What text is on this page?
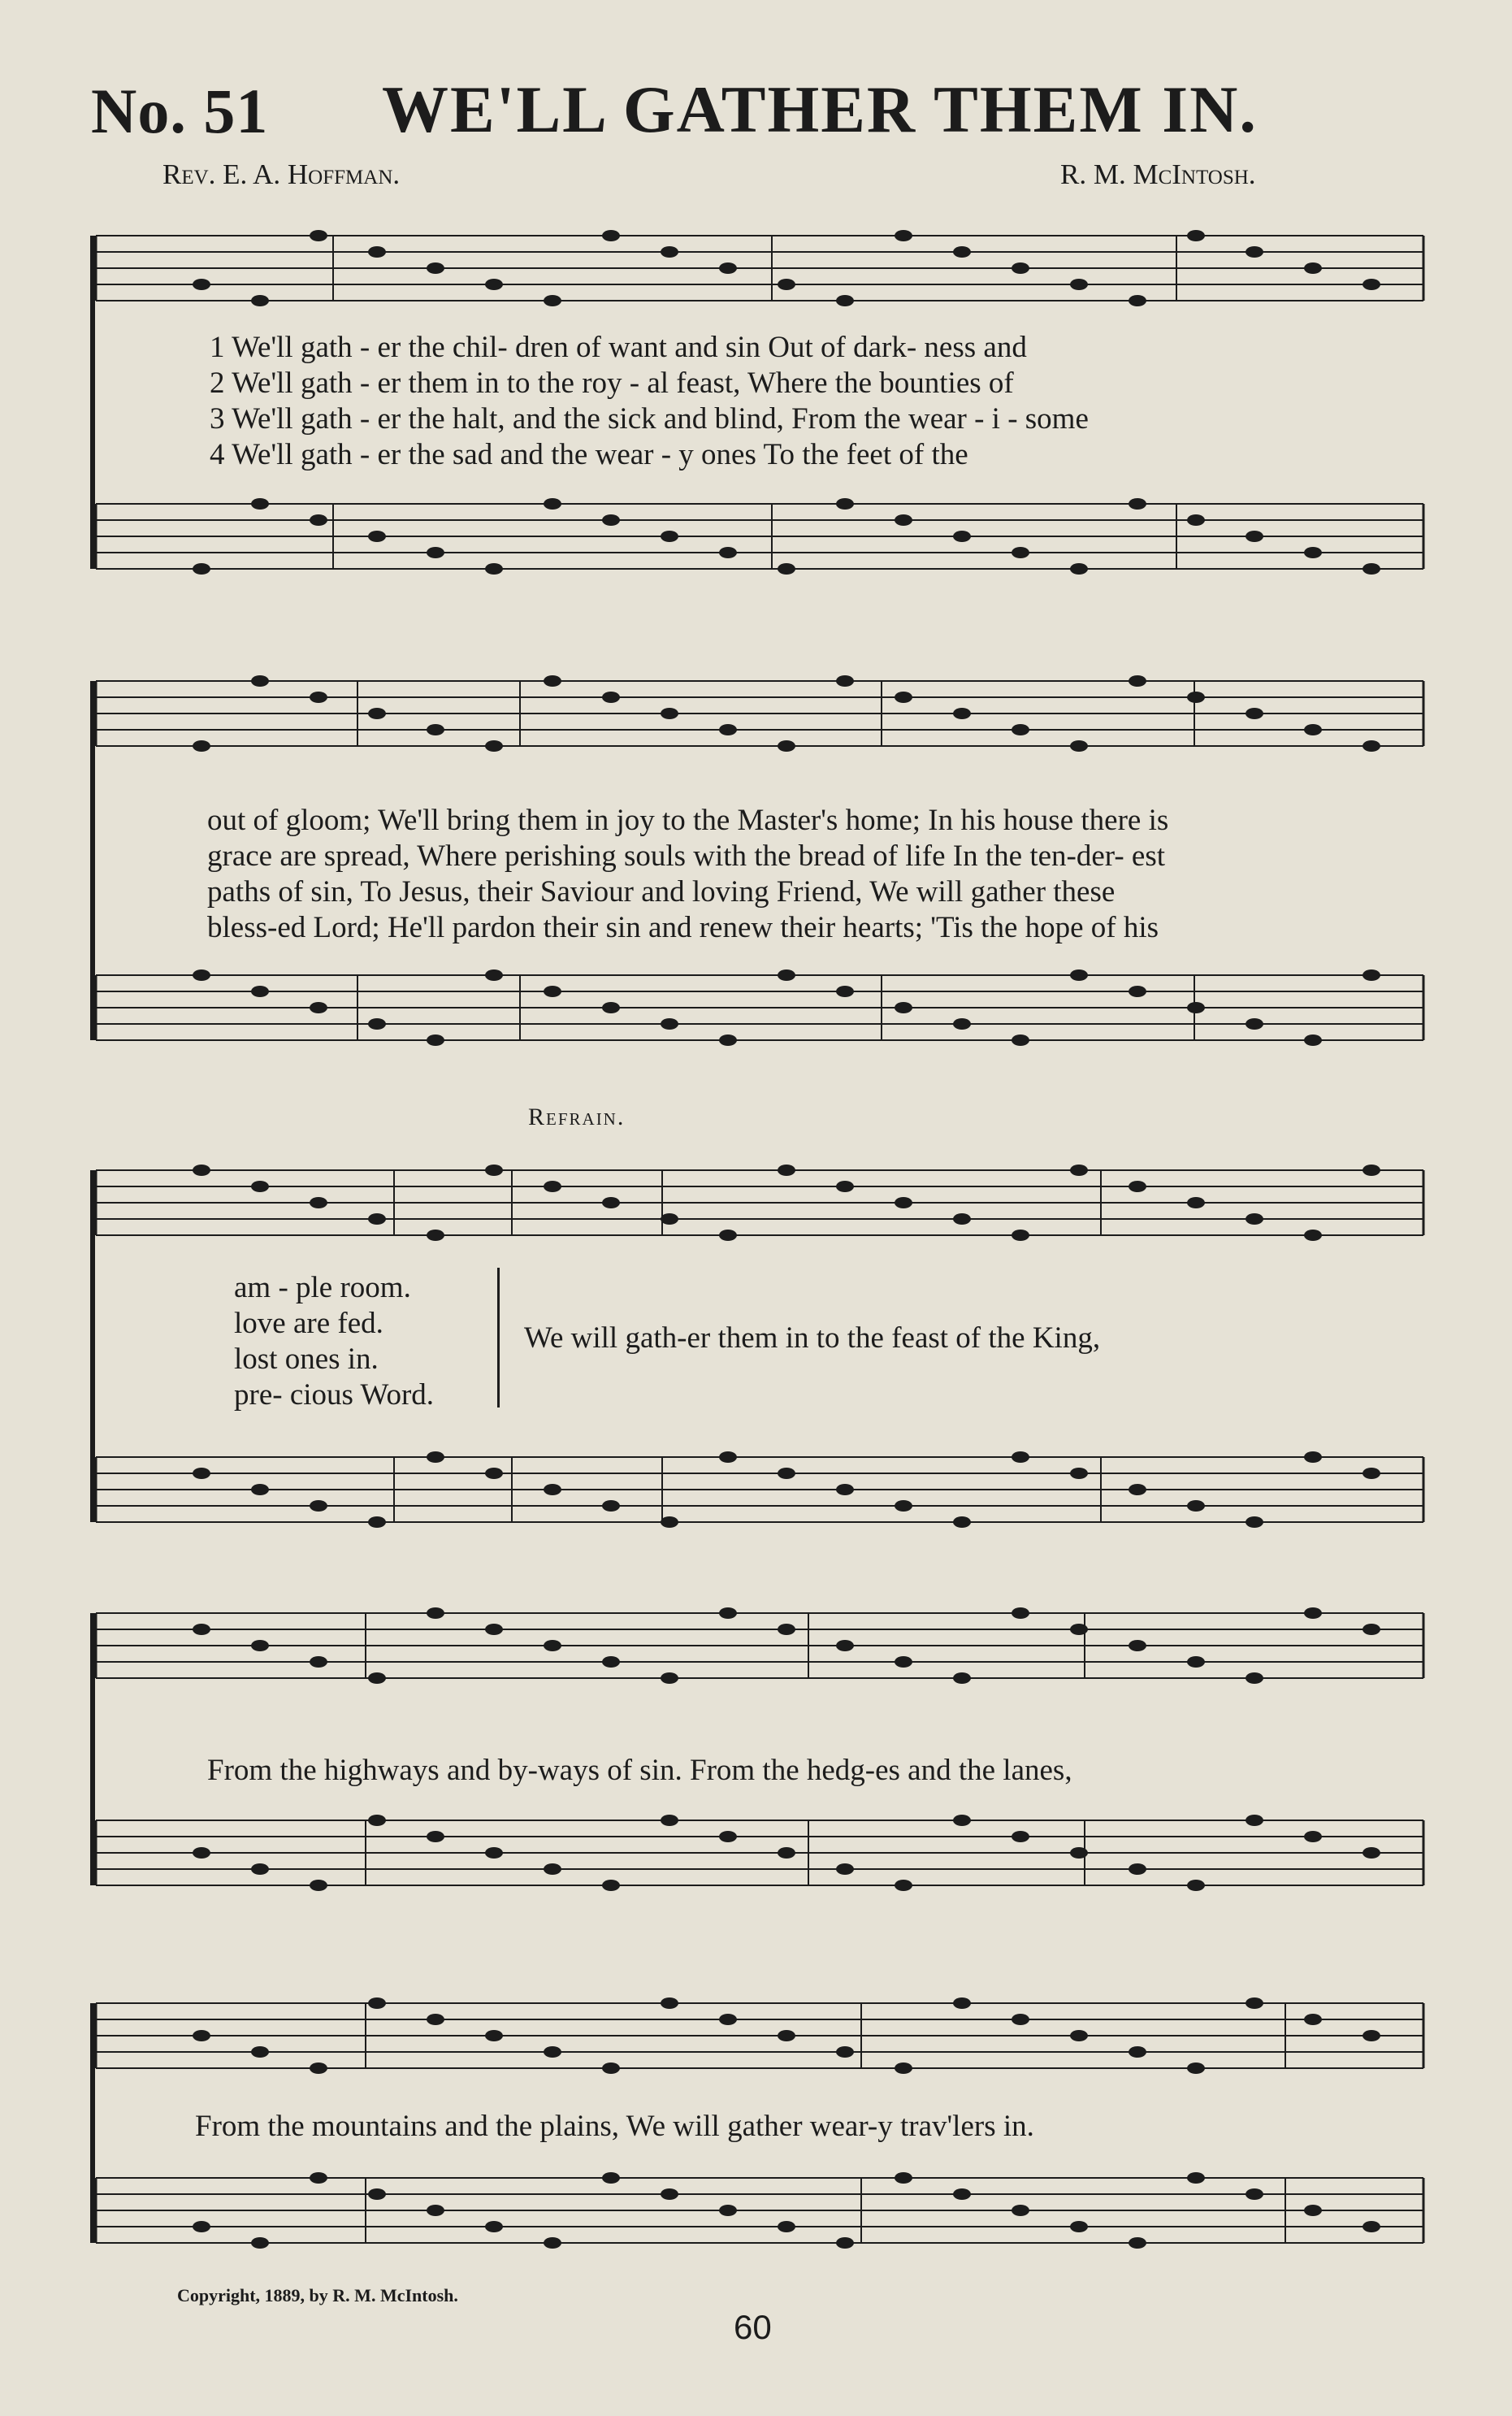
No. 51 WE'LL GATHER THEM IN.
Rev. E. A. Hoffman.	R. M. McIntosh.
1 We'll gath - er the chil- dren of want and sin Out of dark- ness and
2 We'll gath - er them in to the roy - al feast, Where the bounties of
3 We'll gath - er the halt, and the sick and blind, From the wear - i - some
4 We'll gath - er the sad and the wear - y ones To the feet of the
out of gloom; We'll bring them in joy to the Master's home; In his house there is
grace are spread, Where perishing souls with the bread of life In the ten-der- est
paths of sin, To Jesus, their Saviour and loving Friend, We will gather these
bless-ed Lord; He'll pardon their sin and renew their hearts; 'Tis the hope of his
Refrain.
am - ple room.
love are fed.
lost ones in.
pre- cious Word.
We will gath-er them in to the feast of the King,
From the highways and by-ways of sin. From the hedg-es and the lanes,
From the mountains and the plains, We will gather wear-y trav'lers in.
Copyright, 1889, by R. M. McIntosh.
60
